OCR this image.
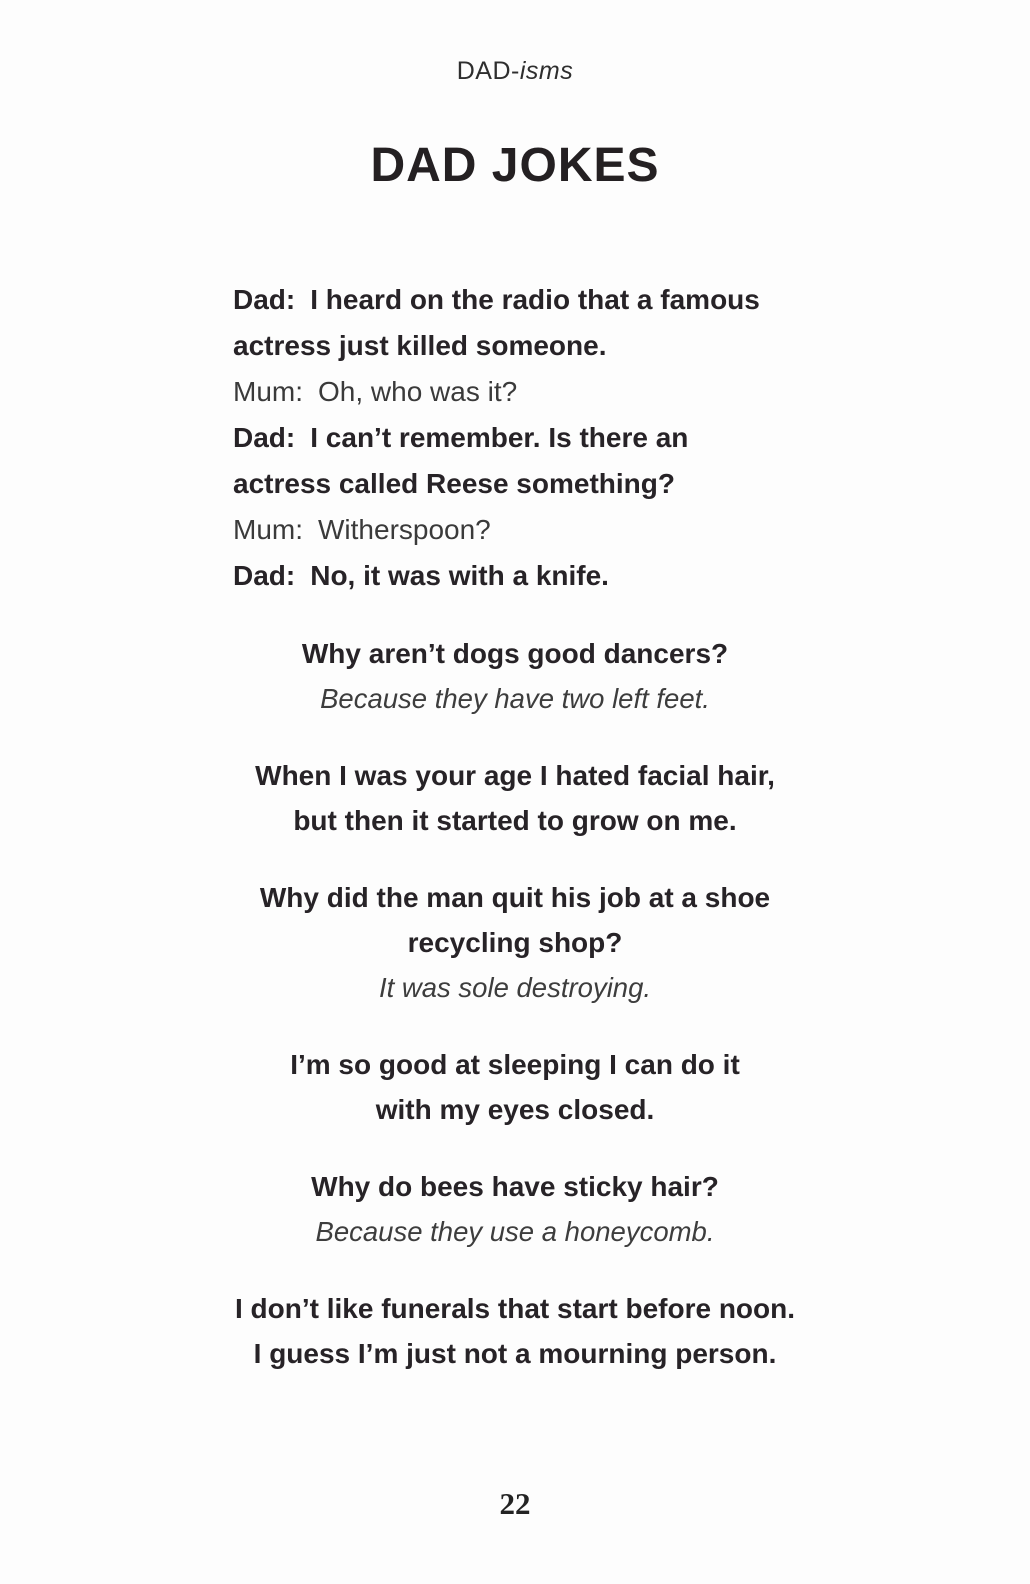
DAD-isms
DAD JOKES

Dad: I heard on the radio that a famous
actress just killed someone.

Mum: Oh, who was it?

Dad: I can’t remember. Is there an
actress called Reese something?

Mum: Witherspoon?

Dad: No, it was with a knife.

Why aren’t dogs good dancers?

Because they have two left feet.

When I was your age I hated facial hair,
but then it started to grow on me.

Why did the man quit his job at a shoe
recycling shop?

It was sole destroying.

I’m so good at sleeping I can do it
with my eyes closed.

Why do bees have sticky hair?

Because they use a honeycomb.

I don’t like funerals that start before noon.
I guess I’m just not a mourning person.

22
